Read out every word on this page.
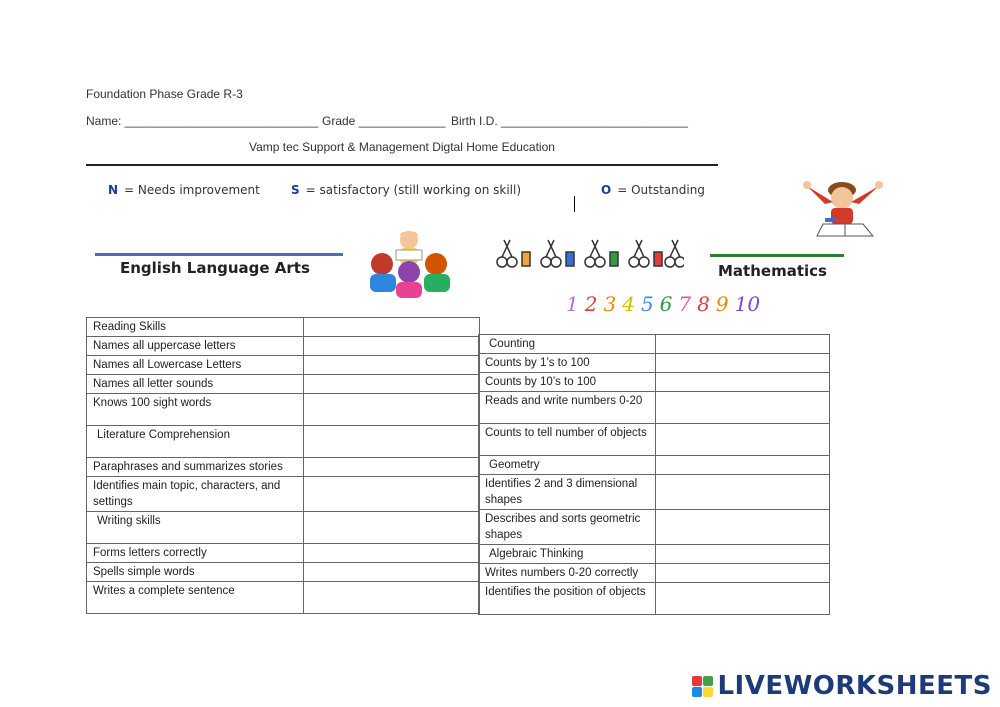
Foundation Phase Grade R-3
Name: _____________________________ Grade _____________ Birth I.D. ____________________________
Vamp tec Support & Management Digtal Home Education
N = Needs improvement	S = satisfactory (still working on skill)	O = Outstanding
English Language Arts	Mathematics
1 2 3 4 5 6 7 8 9 10
Reading Skills	
Names all uppercase letters	
Names all Lowercase Letters	
Names all letter sounds	
Knows 100 sight words	
Literature Comprehension	
Paraphrases and summarizes stories	
Identifies main topic, characters, and settings	
Writing skills	
Forms letters correctly	
Spells simple words	
Writes a complete sentence	
Counting	
Counts by 1’s to 100	
Counts by 10’s to 100	
Reads and write numbers 0-20	
Counts to tell number of objects	
Geometry	
Identifies 2 and 3 dimensional shapes	
Describes and sorts geometric shapes	
Algebraic Thinking	
Writes numbers 0-20 correctly	
Identifies the position of objects	
LIVEWORKSHEETS
